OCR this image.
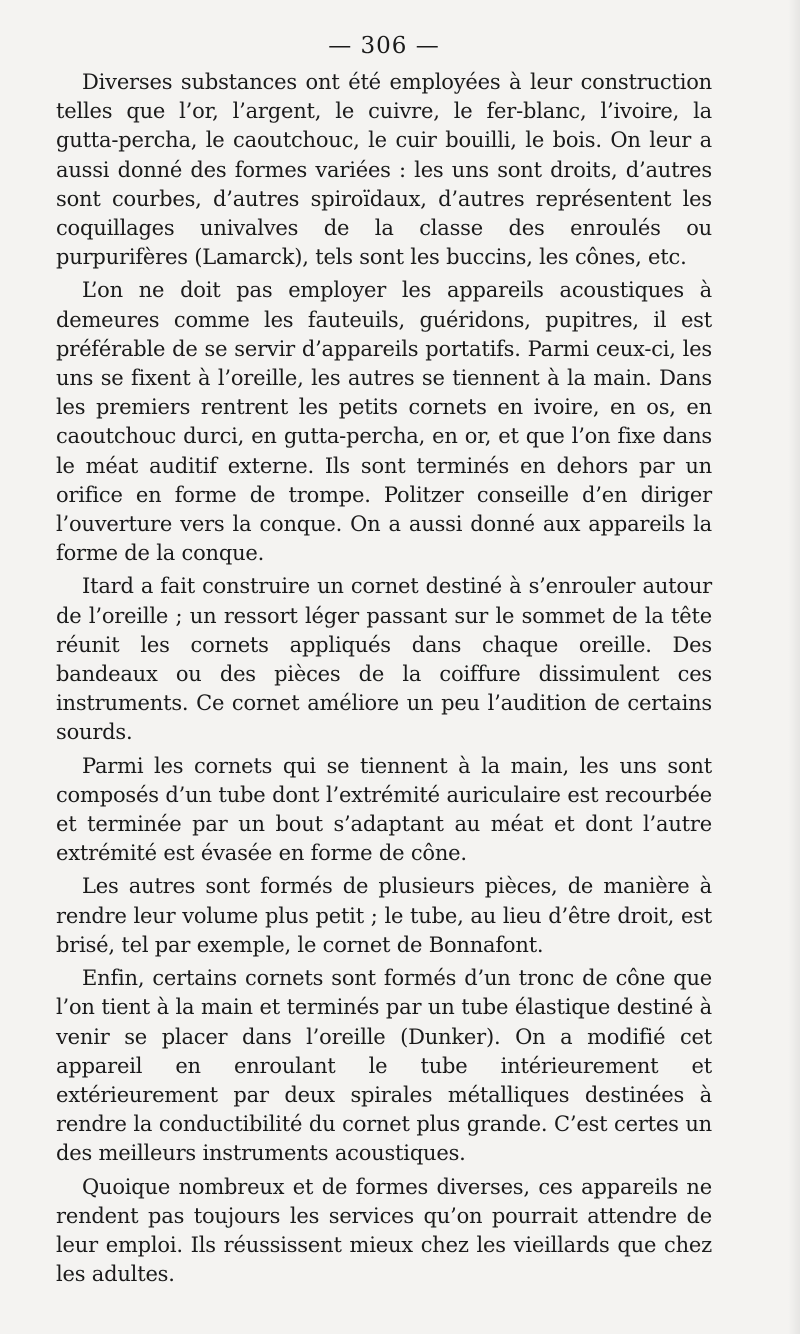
— 306 —

Diverses substances ont été employées à leur construction telles que l’or, l’argent, le cuivre, le fer-blanc, l’ivoire, la gutta-percha, le caoutchouc, le cuir bouilli, le bois. On leur a aussi donné des formes variées : les uns sont droits, d’autres sont courbes, d’autres spiroïdaux, d’autres représentent les coquillages univalves de la classe des enroulés ou purpurifères (Lamarck), tels sont les buccins, les cônes, etc.

L’on ne doit pas employer les appareils acoustiques à demeures comme les fauteuils, guéridons, pupitres, il est préférable de se servir d’appareils portatifs. Parmi ceux-ci, les uns se fixent à l’oreille, les autres se tiennent à la main. Dans les premiers rentrent les petits cornets en ivoire, en os, en caoutchouc durci, en gutta-percha, en or, et que l’on fixe dans le méat auditif externe. Ils sont terminés en dehors par un orifice en forme de trompe. Politzer conseille d’en diriger l’ouverture vers la conque. On a aussi donné aux appareils la forme de la conque.

Itard a fait construire un cornet destiné à s’enrouler autour de l’oreille ; un ressort léger passant sur le sommet de la tête réunit les cornets appliqués dans chaque oreille. Des bandeaux ou des pièces de la coiffure dissimulent ces instruments. Ce cornet améliore un peu l’audition de certains sourds.

Parmi les cornets qui se tiennent à la main, les uns sont composés d’un tube dont l’extrémité auriculaire est recourbée et terminée par un bout s’adaptant au méat et dont l’autre extrémité est évasée en forme de cône.

Les autres sont formés de plusieurs pièces, de manière à rendre leur volume plus petit ; le tube, au lieu d’être droit, est brisé, tel par exemple, le cornet de Bonnafont.

Enfin, certains cornets sont formés d’un tronc de cône que l’on tient à la main et terminés par un tube élastique destiné à venir se placer dans l’oreille (Dunker). On a modifié cet appareil en enroulant le tube intérieurement et extérieurement par deux spirales métalliques destinées à rendre la conductibilité du cornet plus grande. C’est certes un des meilleurs instruments acoustiques.

Quoique nombreux et de formes diverses, ces appareils ne rendent pas toujours les services qu’on pourrait attendre de leur emploi. Ils réussissent mieux chez les vieillards que chez les adultes.
